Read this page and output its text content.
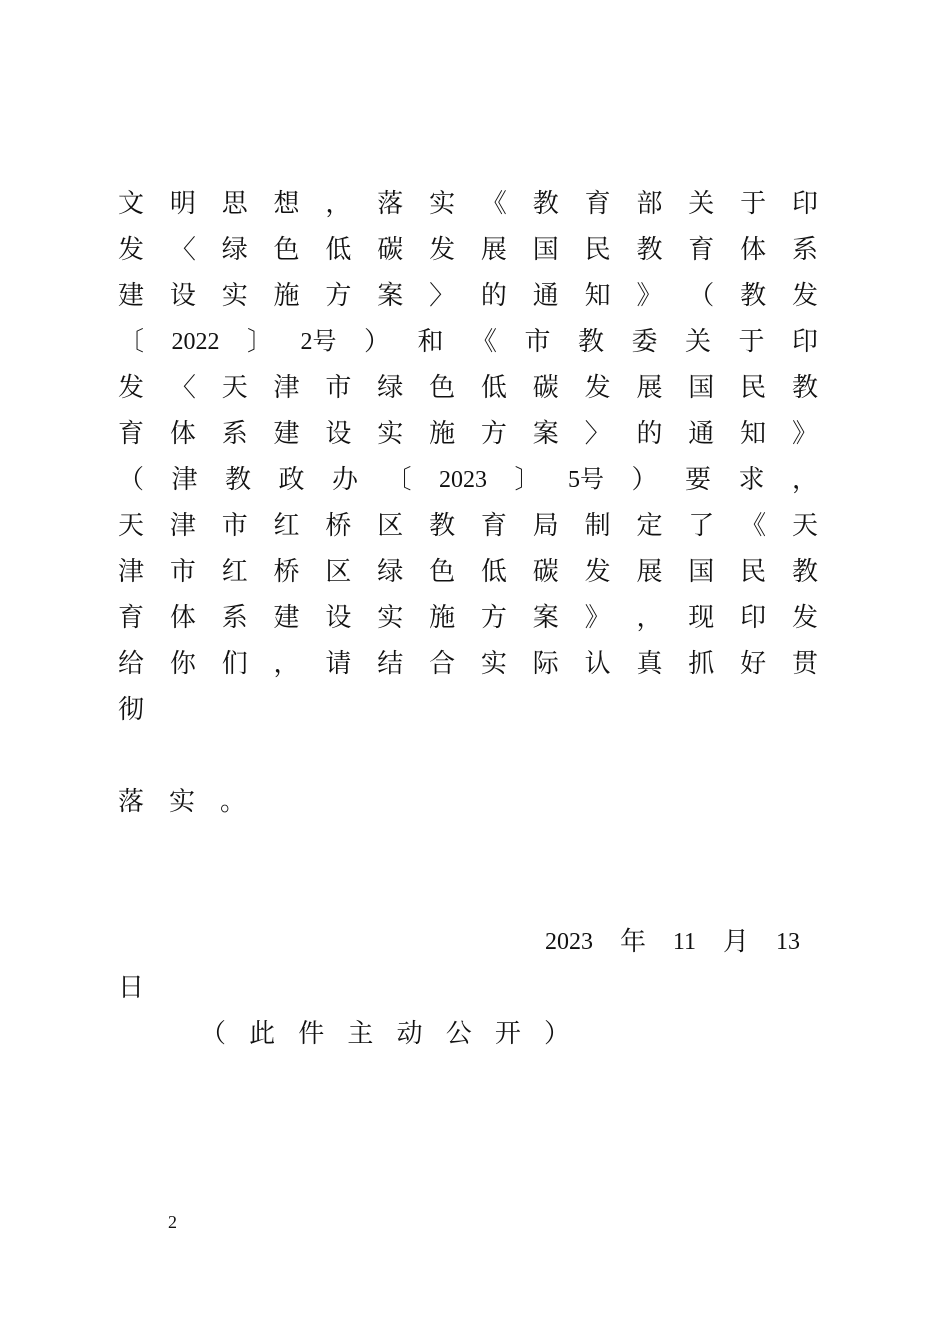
文 明 思 想 ， 落 实 《 教 育 部 关 于 印
发 〈 绿 色 低 碳 发 展 国 民 教 育 体 系
建 设 实 施 方 案 〉 的 通 知 》 （ 教 发
〔 2022 〕 2号 ） 和 《 市 教 委 关 于 印
发 〈 天 津 市 绿 色 低 碳 发 展 国 民 教
育 体 系 建 设 实 施 方 案 〉 的 通 知 》
（ 津 教 政 办 〔 2023 〕 5号 ） 要 求 ，
天 津 市 红 桥 区 教 育 局 制 定 了 《 天
津 市 红 桥 区 绿 色 低 碳 发 展 国 民 教
育 体 系 建 设 实 施 方 案 》 ， 现 印 发
给 你 们 ， 请 结 合 实 际 认 真 抓 好 贯
彻
落 实 。
2023 年 11 月 13
日
（ 此 件 主 动 公 开 ）
2
